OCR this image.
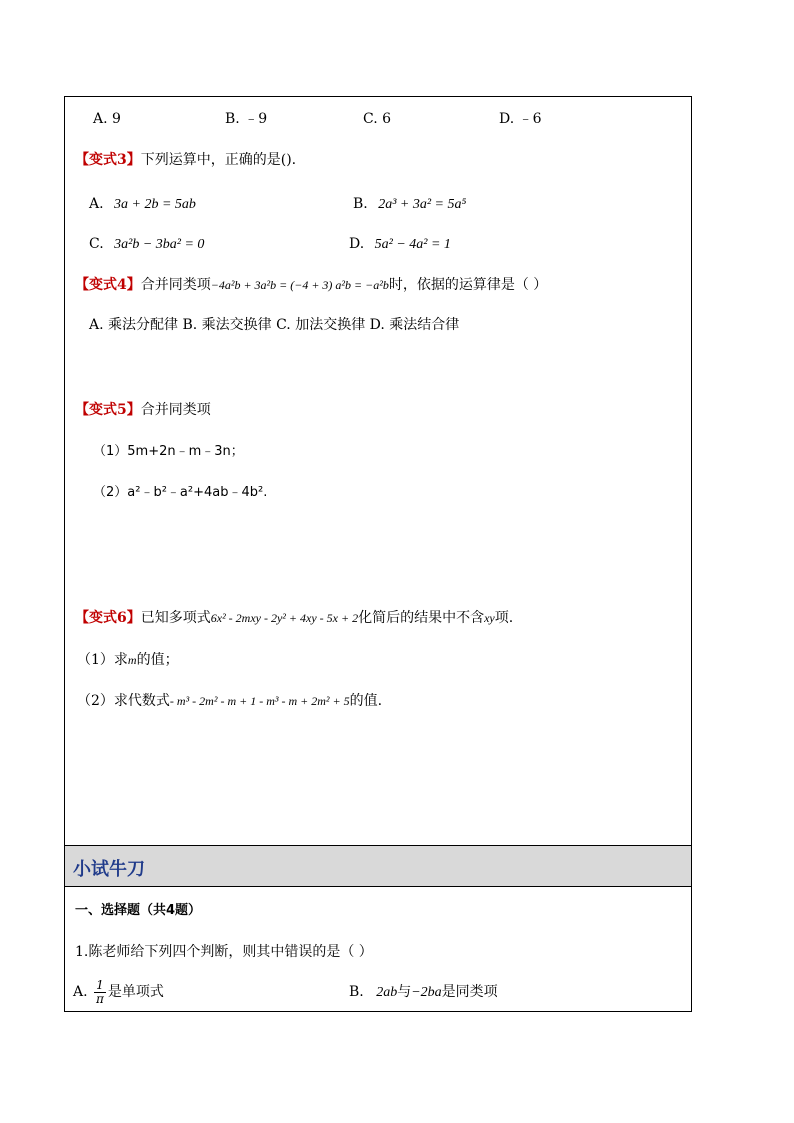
A. 9	B. ﹣9	C. 6	D. ﹣6
【变式3】下列运算中，正确的是().
A. 3a + 2b = 5ab	B. 2a³ + 3a² = 5a⁵
C. 3a²b − 3ba² = 0	D. 5a² − 4a² = 1
【变式4】合并同类项−4a²b + 3a²b = (−4 + 3) a²b = −a²b时，依据的运算律是（ ）
A. 乘法分配律 B. 乘法交换律 C. 加法交换律 D. 乘法结合律
【变式5】合并同类项
（1）5m+2n﹣m﹣3n；
（2）a²﹣b²﹣a²+4ab﹣4b².
【变式6】已知多项式6x² - 2mxy - 2y² + 4xy - 5x + 2化简后的结果中不含xy项.
（1）求m的值；
（2）求代数式- m³ - 2m² - m + 1 - m³ - m + 2m² + 5的值.
小试牛刀
一、选择题（共4题）
1.陈老师给下列四个判断，则其中错误的是（ ）
A. $\frac{1}{\pi}$ 是单项式	B. 2ab与−2ba是同类项
